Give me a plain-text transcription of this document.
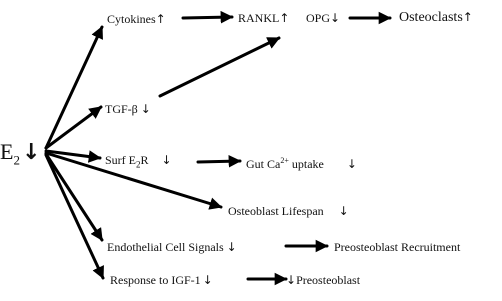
$E_2↓$
Cytokines↑	RANKL↑ OPG↓	Osteoclasts↑
TGF-β ↓
Surf $E_2R$ ↓	Gut $Ca^{2+}$ uptake ↓
Osteoblast Lifespan ↓
Endothelial Cell Signals ↓	Preosteoblast Recruitment
Response to IGF-1 ↓	↓Preosteoblast
